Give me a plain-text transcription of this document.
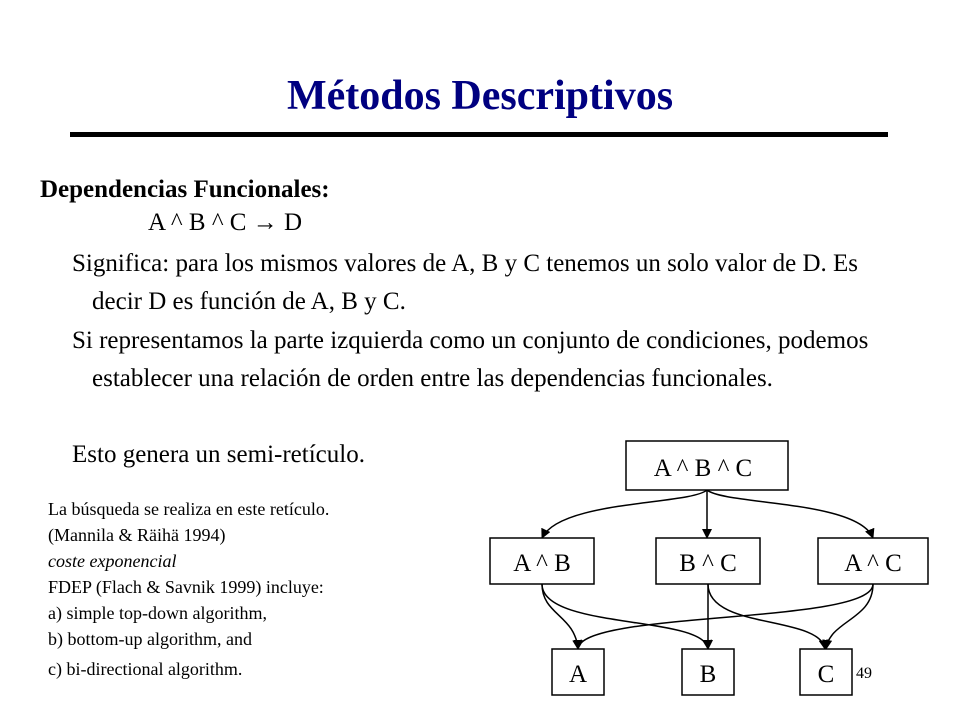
Métodos Descriptivos
Dependencias Funcionales:
A ^ B ^ C → D
Significa: para los mismos valores de A, B y C tenemos un solo valor de D. Es decir D es función de A, B y C.
Si representamos la parte izquierda como un conjunto de condiciones, podemos establecer una relación de orden entre las dependencias funcionales.
Esto genera un semi-retículo.
La búsqueda se realiza en este retículo.
(Mannila & Räihä 1994)
coste exponencial
FDEP (Flach & Savnik 1999) incluye:
a) simple top-down algorithm,
b) bottom-up algorithm, and
c) bi-directional algorithm.
A ^ B ^ C
A ^ B	B ^ C	A ^ C
A	B	C 49
